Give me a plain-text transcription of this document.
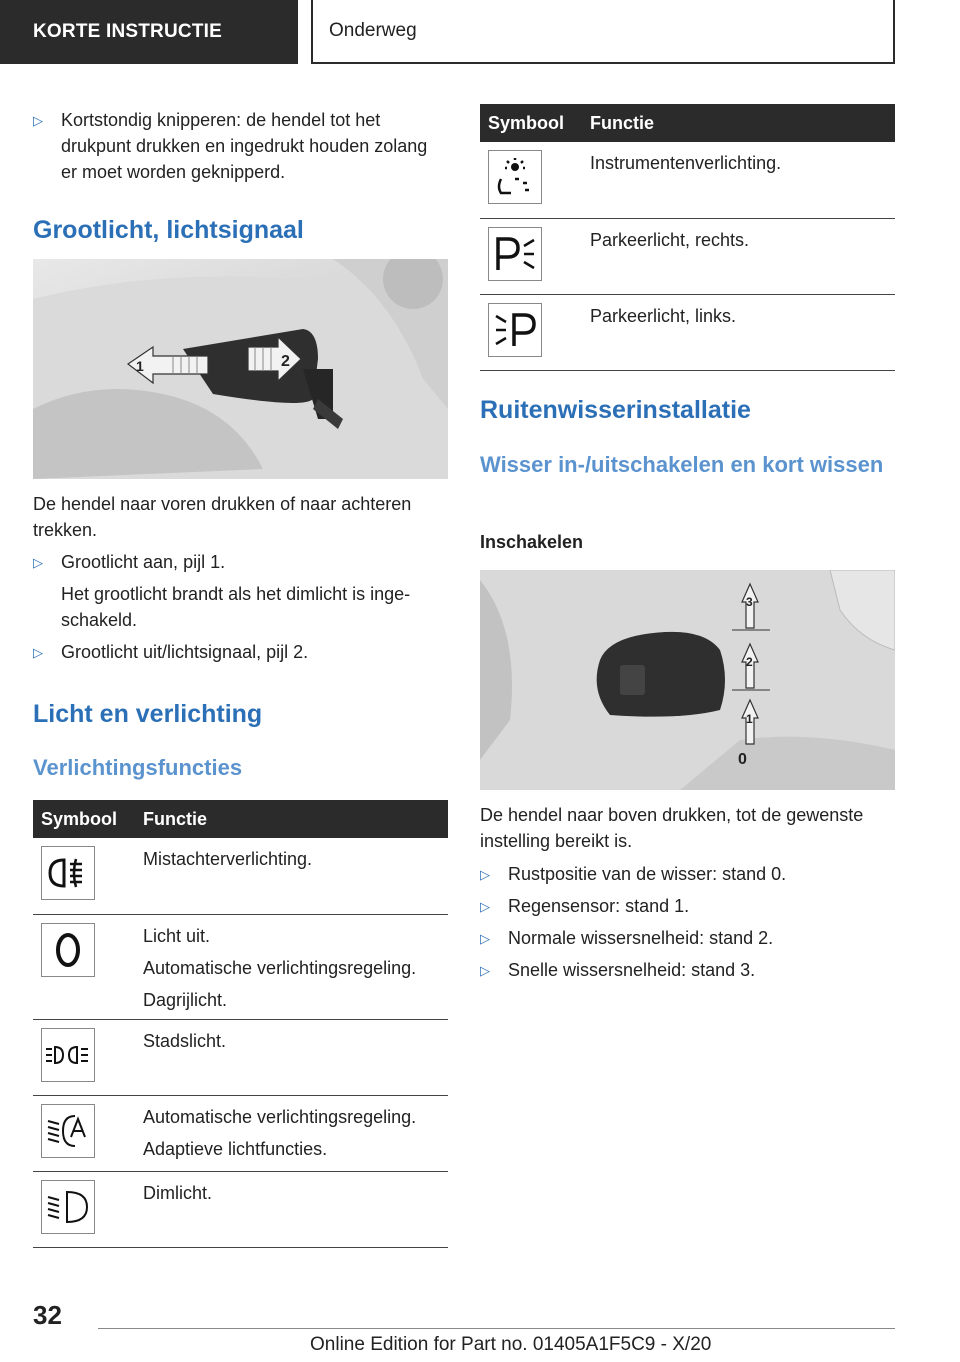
KORTE INSTRUCTIE	Onderweg
▷	Kortstondig knipperen: de hendel tot het drukpunt drukken en ingedrukt houden zolang er moet worden geknipperd.
Grootlicht, lichtsignaal
1	2
De hendel naar voren drukken of naar achteren trekken.
▷	Grootlicht aan, pijl 1.
Het grootlicht brandt als het dimlicht is ingeschakeld.
▷	Grootlicht uit/lichtsignaal, pijl 2.
Licht en verlichting
Verlichtingsfuncties
Symbool	Functie

Mistachterverlichting.

Licht uit.
Automatische verlichtingsregeling.
Dagrijlicht.

Stadslicht.

Automatische verlichtingsregeling.
Adaptieve lichtfuncties.

Dimlicht.
Symbool	Functie

Instrumentenverlichting.

Parkeerlicht, rechts.

Parkeerlicht, links.
Ruitenwisserinstallatie
Wisser in-/uitschakelen en kort wissen
Inschakelen
3
2
1
0
De hendel naar boven drukken, tot de gewenste instelling bereikt is.
▷	Rustpositie van de wisser: stand 0.
▷	Regensensor: stand 1.
▷	Normale wissersnelheid: stand 2.
▷	Snelle wissersnelheid: stand 3.
32
Online Edition for Part no. 01405A1F5C9 - X/20
